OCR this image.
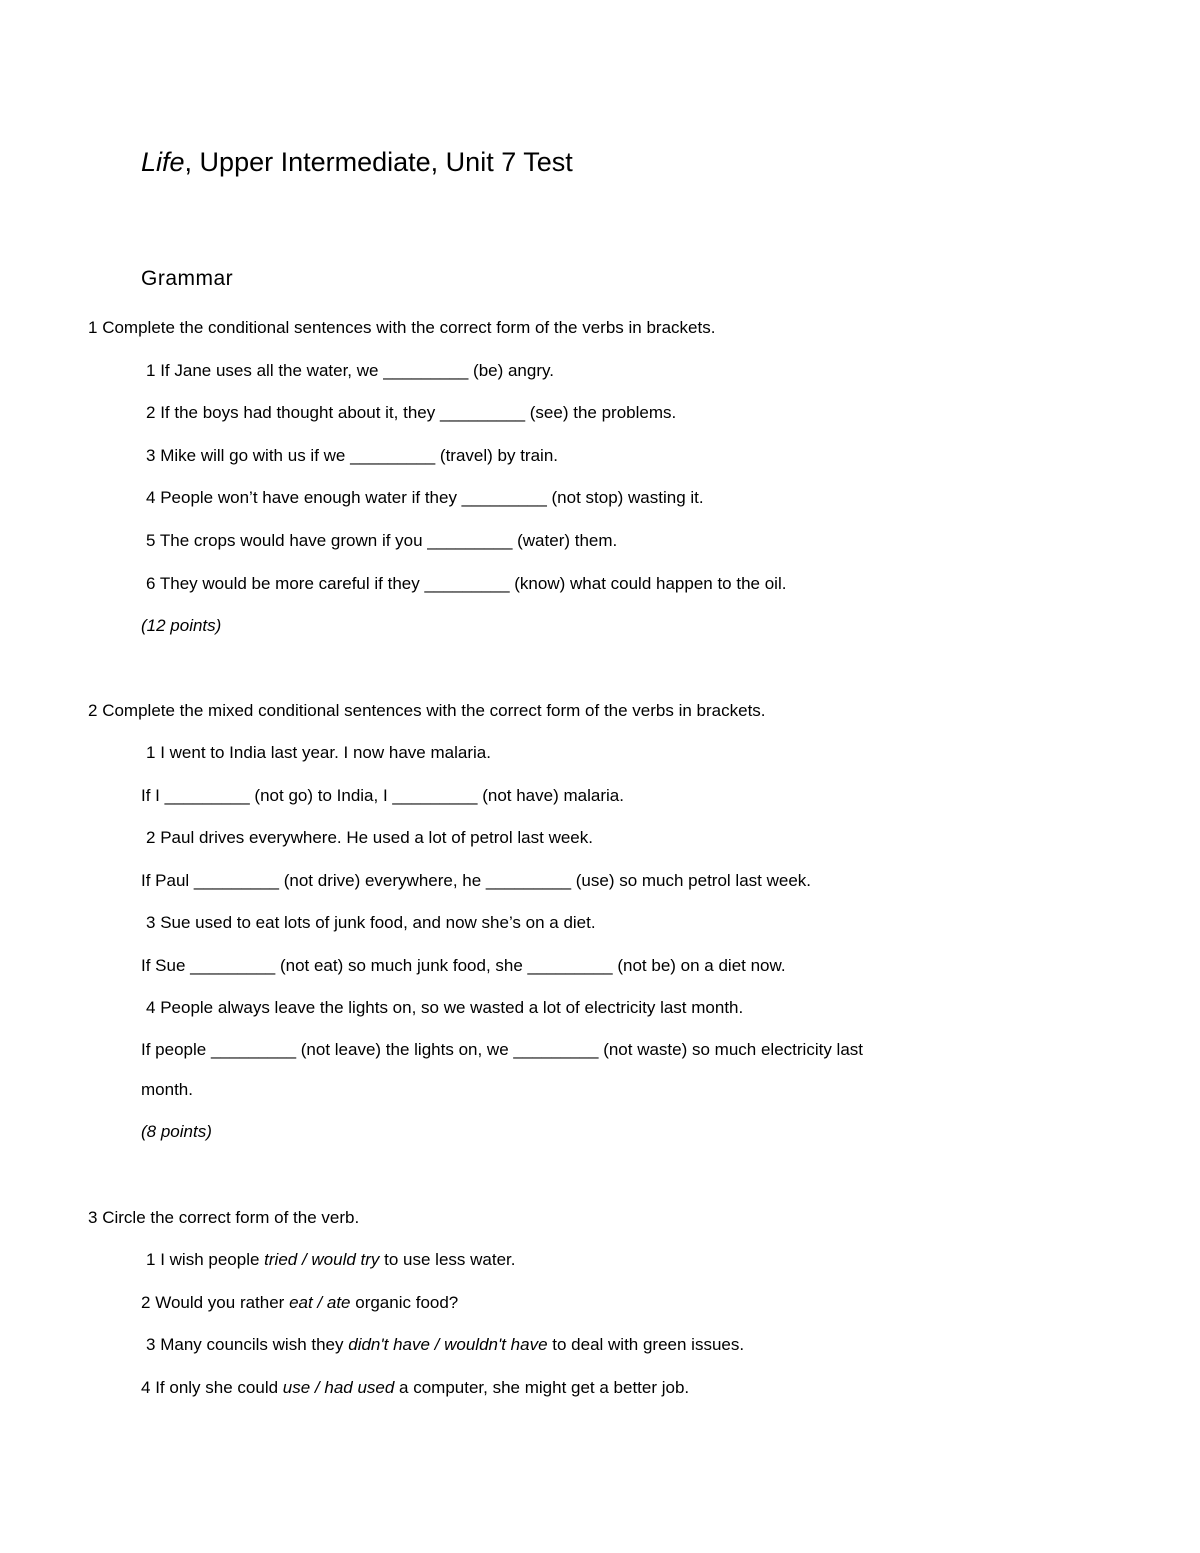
Life, Upper Intermediate, Unit 7 Test
Grammar
1 Complete the conditional sentences with the correct form of the verbs in brackets.
1 If Jane uses all the water, we _________ (be) angry.
2 If the boys had thought about it, they _________ (see) the problems.
3 Mike will go with us if we _________ (travel) by train.
4 People won’t have enough water if they _________ (not stop) wasting it.
5 The crops would have grown if you _________ (water) them.
6 They would be more careful if they _________ (know) what could happen to the oil.
(12 points)
2 Complete the mixed conditional sentences with the correct form of the verbs in brackets.
1 I went to India last year. I now have malaria.
If I _________ (not go) to India, I _________ (not have) malaria.
2 Paul drives everywhere. He used a lot of petrol last week.
If Paul _________ (not drive) everywhere, he _________ (use) so much petrol last week.
3 Sue used to eat lots of junk food, and now she’s on a diet.
If Sue _________ (not eat) so much junk food, she _________ (not be) on a diet now.
4 People always leave the lights on, so we wasted a lot of electricity last month.
If people _________ (not leave) the lights on, we _________ (not waste) so much electricity last
month.
(8 points)
3 Circle the correct form of the verb.
1 I wish people tried / would try to use less water.
2 Would you rather eat / ate organic food?
3 Many councils wish they didn't have / wouldn't have to deal with green issues.
4 If only she could use / had used a computer, she might get a better job.
